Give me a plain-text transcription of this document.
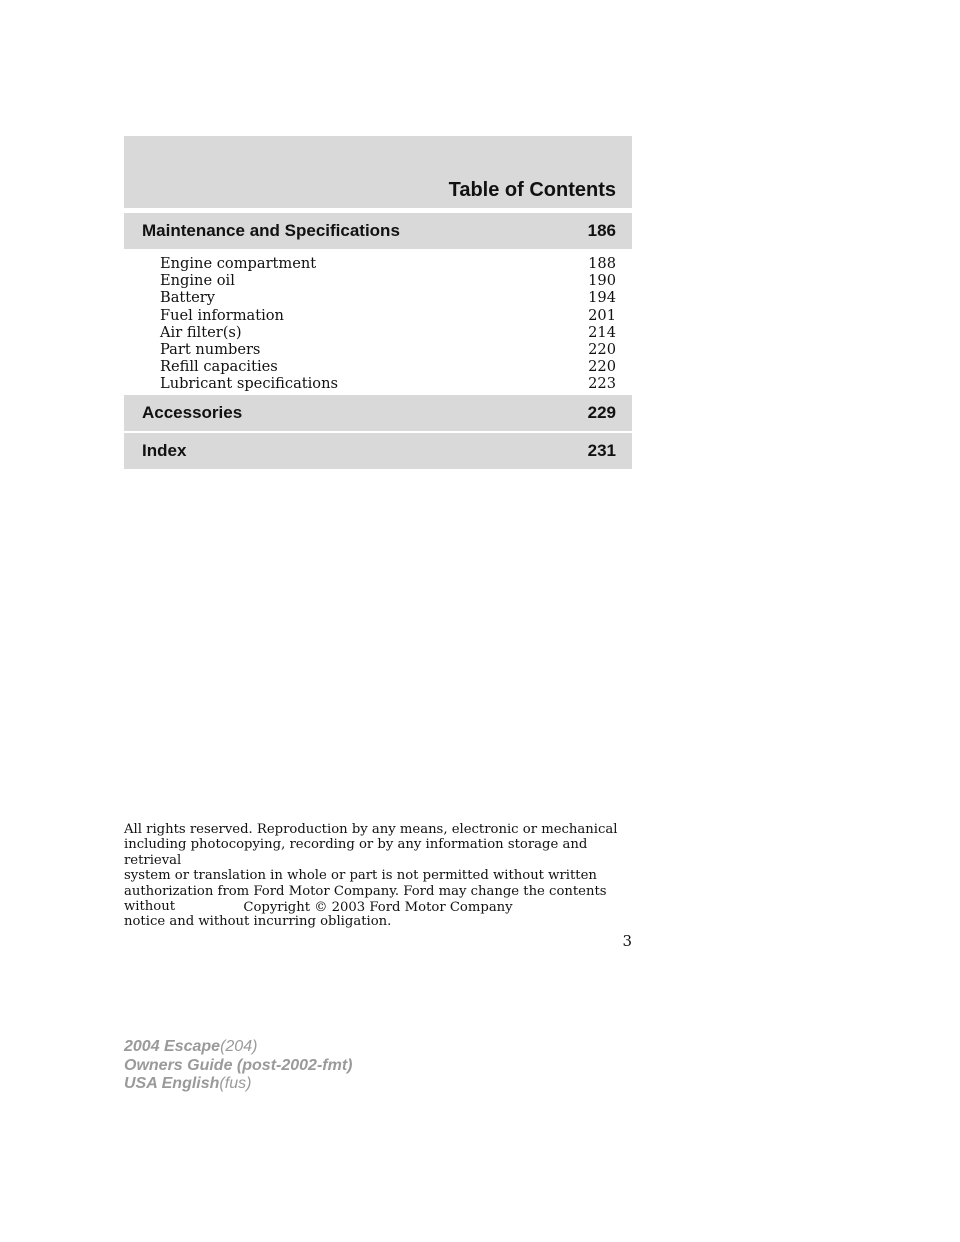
Table of Contents
Maintenance and Specifications	186
Engine compartment	188
Engine oil	190
Battery	194
Fuel information	201
Air filter(s)	214
Part numbers	220
Refill capacities	220
Lubricant specifications	223
Accessories	229
Index	231

All rights reserved. Reproduction by any means, electronic or mechanical
including photocopying, recording or by any information storage and retrieval
system or translation in whole or part is not permitted without written
authorization from Ford Motor Company. Ford may change the contents without
notice and without incurring obligation.

Copyright © 2003 Ford Motor Company

3
2004 Escape(204)
Owners Guide (post-2002-fmt)
USA English(fus)
